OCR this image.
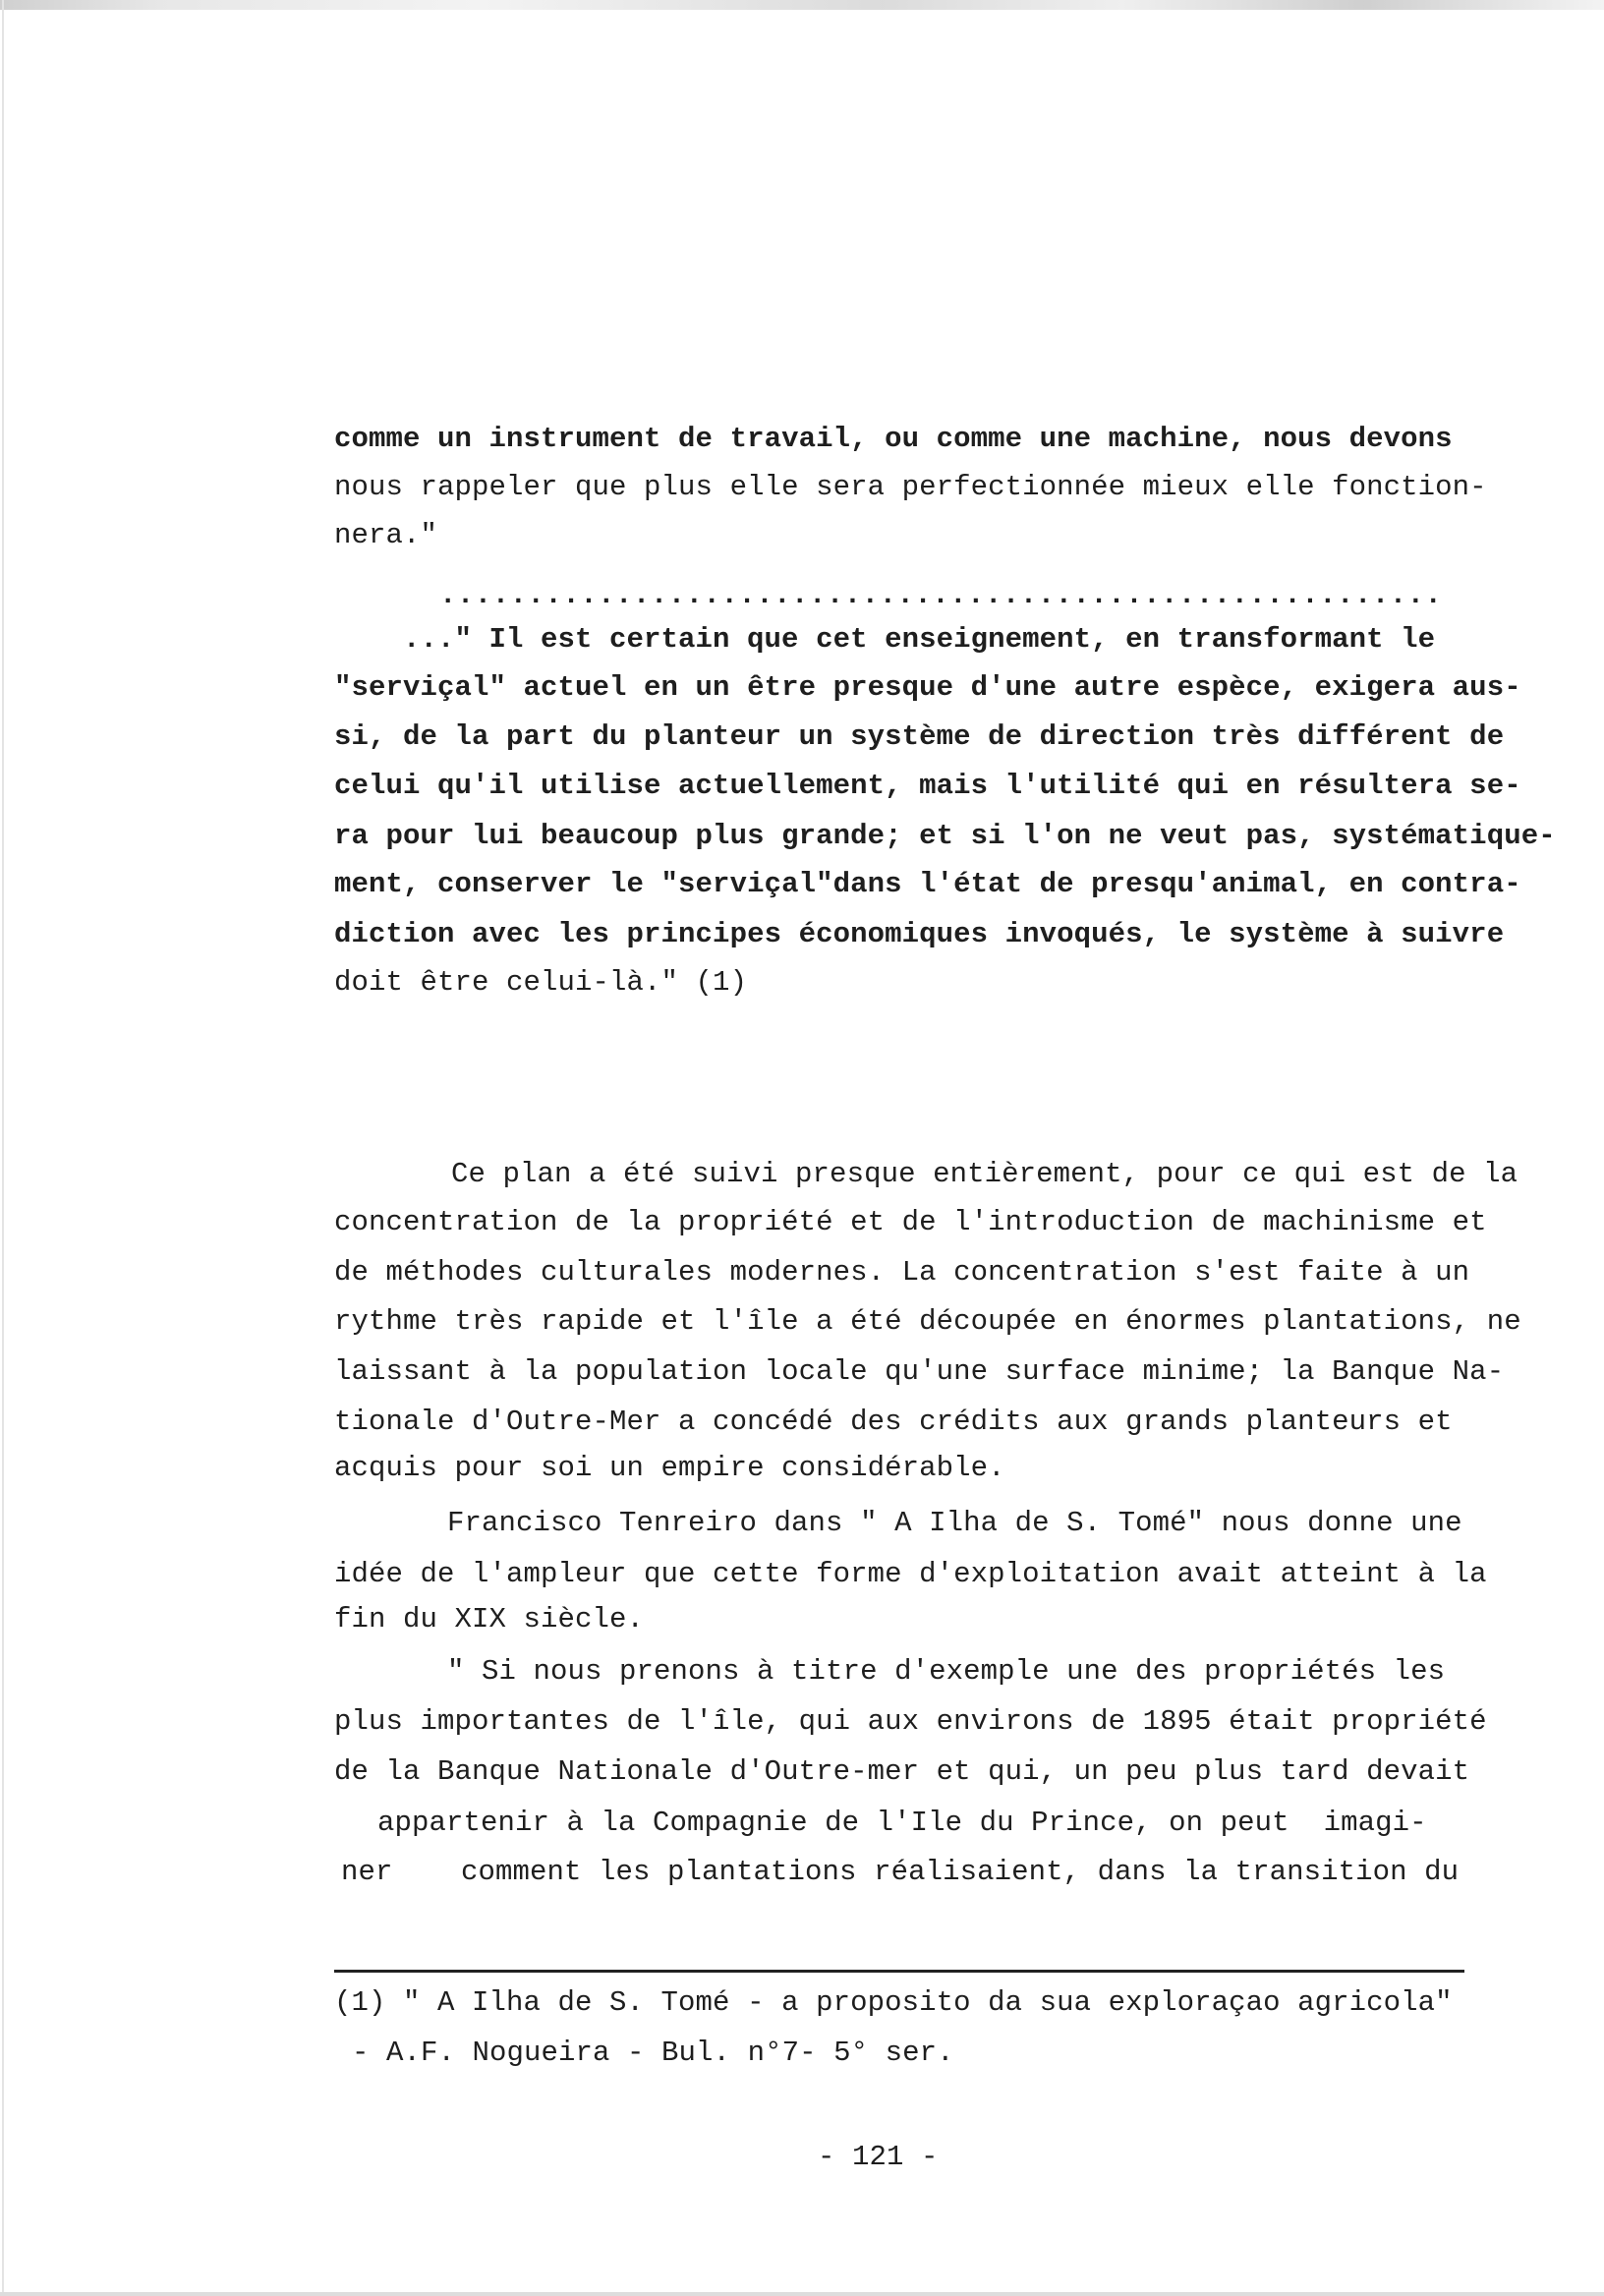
comme un instrument de travail, ou comme une machine, nous devons
nous rappeler que plus elle sera perfectionnée mieux elle fonction-
nera."
.........................................................
..." Il est certain que cet enseignement, en transformant le
"serviçal" actuel en un être presque d'une autre espèce, exigera aus-
si, de la part du planteur un système de direction très différent de
celui qu'il utilise actuellement, mais l'utilité qui en résultera se-
ra pour lui beaucoup plus grande; et si l'on ne veut pas, systématique-
ment, conserver le "serviçal"dans l'état de presqu'animal, en contra-
diction avec les principes économiques invoqués, le système à suivre
doit être celui-là." (1)
Ce plan a été suivi presque entièrement, pour ce qui est de la
concentration de la propriété et de l'introduction de machinisme et
de méthodes culturales modernes. La concentration s'est faite à un
rythme très rapide et l'île a été découpée en énormes plantations, ne
laissant à la population locale qu'une surface minime; la Banque Na-
tionale d'Outre-Mer a concédé des crédits aux grands planteurs et
acquis pour soi un empire considérable.
Francisco Tenreiro dans " A Ilha de S. Tomé" nous donne une
idée de l'ampleur que cette forme d'exploitation avait atteint à la
fin du XIX siècle.
" Si nous prenons à titre d'exemple une des propriétés les
plus importantes de l'île, qui aux environs de 1895 était propriété
de la Banque Nationale d'Outre-mer et qui, un peu plus tard devait
appartenir à la Compagnie de l'Ile du Prince, on peut  imagi-
ner comment les plantations réalisaient, dans la transition du
(1) " A Ilha de S. Tomé - a proposito da sua exploraçao agricola"
- A.F. Nogueira - Bul. n°7- 5° ser.
- 121 -
